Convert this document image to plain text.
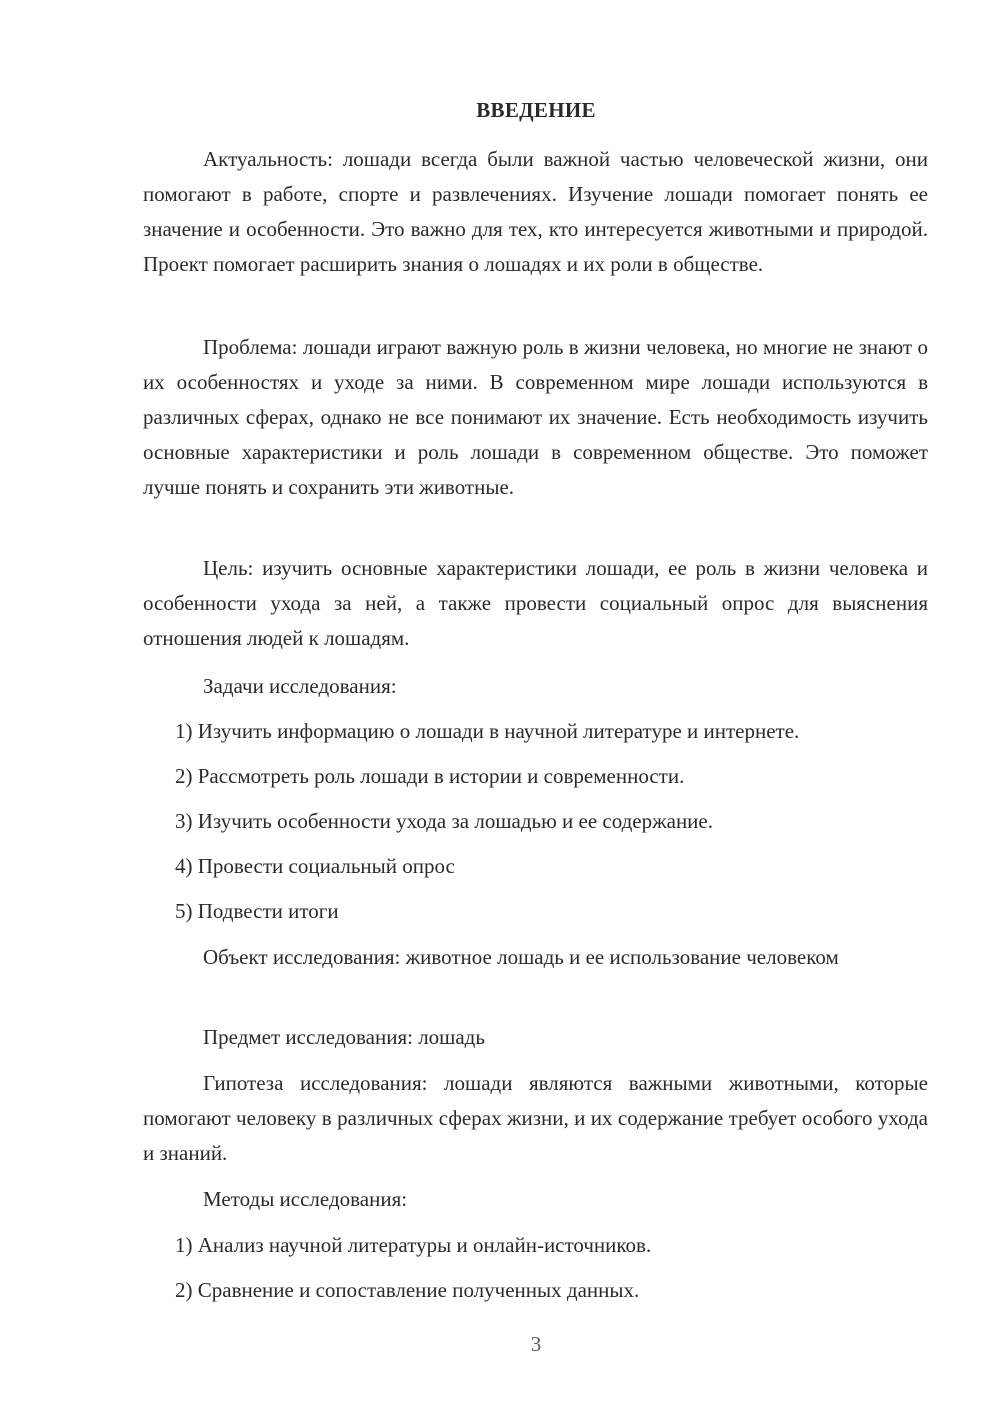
ВВЕДЕНИЕ

Актуальность: лошади всегда были важной частью человеческой жизни, они помогают в работе, спорте и развлечениях. Изучение лошади помогает понять ее значение и особенности. Это важно для тех, кто интересуется животными и природой. Проект помогает расширить знания о лошадях и их роли в обществе.

Проблема: лошади играют важную роль в жизни человека, но многие не знают о их особенностях и уходе за ними. В современном мире лошади используются в различных сферах, однако не все понимают их значение. Есть необходимость изучить основные характеристики и роль лошади в современном обществе. Это поможет лучше понять и сохранить эти животные.

Цель: изучить основные характеристики лошади, ее роль в жизни человека и особенности ухода за ней, а также провести социальный опрос для выяснения отношения людей к лошадям.

Задачи исследования:

1) Изучить информацию о лошади в научной литературе и интернете.

2) Рассмотреть роль лошади в истории и современности.

3) Изучить особенности ухода за лошадью и ее содержание.

4) Провести социальный опрос

5) Подвести итоги

Объект исследования: животное лошадь и ее использование человеком

Предмет исследования: лошадь

Гипотеза исследования: лошади являются важными животными, которые помогают человеку в различных сферах жизни, и их содержание требует особого ухода и знаний.

Методы исследования:

1) Анализ научной литературы и онлайн-источников.

2) Сравнение и сопоставление полученных данных.

3
